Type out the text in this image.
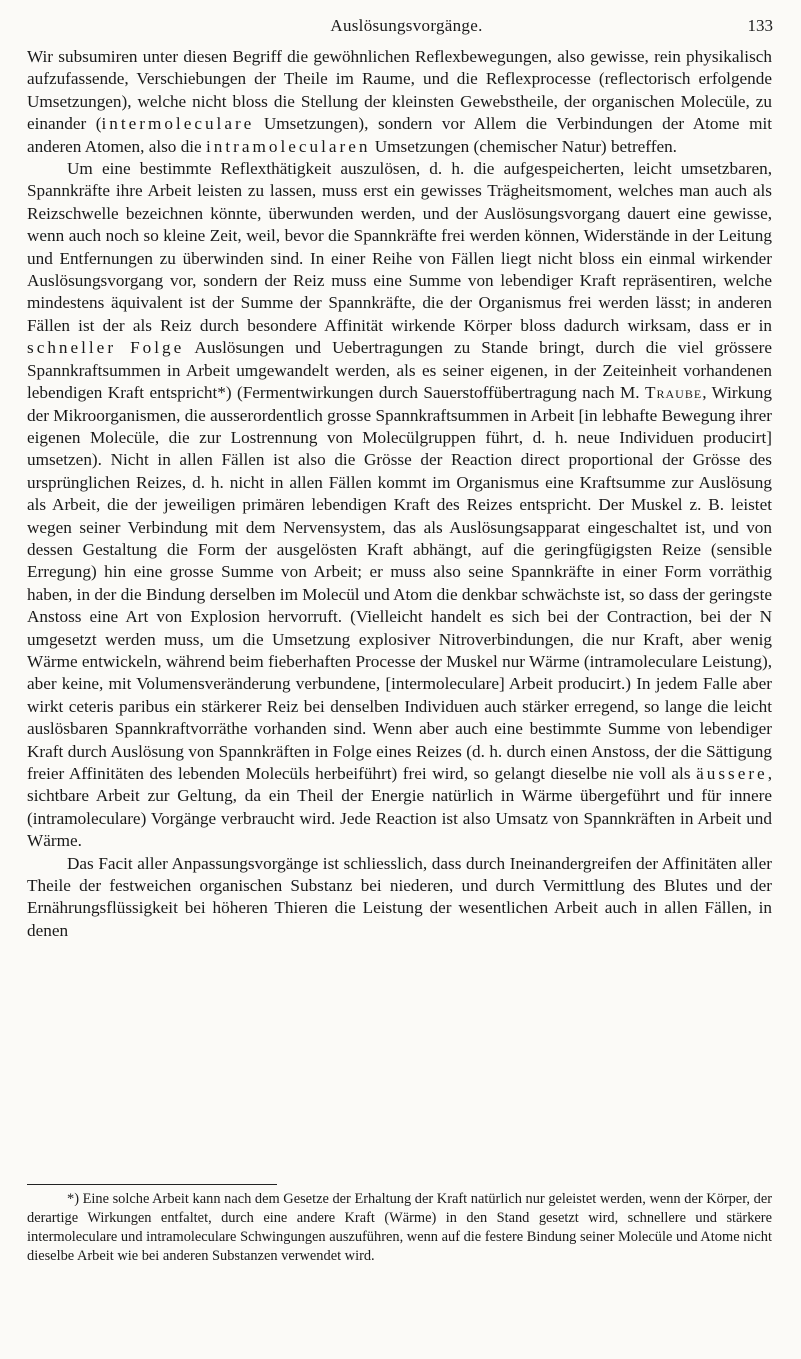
Auslösungsvorgänge.	133

Wir subsumiren unter diesen Begriff die gewöhnlichen Reflexbewegungen, also gewisse, rein physikalisch aufzufassende, Verschiebungen der Theile im Raume, und die Reflexprocesse (reflectorisch erfolgende Umsetzungen), welche nicht bloss die Stellung der kleinsten Gewebstheile, der organischen Molecüle, zu einander (intermoleculare Umsetzungen), sondern vor Allem die Verbindungen der Atome mit anderen Atomen, also die intramolecularen Umsetzungen (chemischer Natur) betreffen.

Um eine bestimmte Reflexthätigkeit auszulösen, d. h. die aufgespeicherten, leicht umsetzbaren, Spannkräfte ihre Arbeit leisten zu lassen, muss erst ein gewisses Trägheitsmoment, welches man auch als Reizschwelle bezeichnen könnte, überwunden werden, und der Auslösungsvorgang dauert eine gewisse, wenn auch noch so kleine Zeit, weil, bevor die Spannkräfte frei werden können, Widerstände in der Leitung und Entfernungen zu überwinden sind. In einer Reihe von Fällen liegt nicht bloss ein einmal wirkender Auslösungsvorgang vor, sondern der Reiz muss eine Summe von lebendiger Kraft repräsentiren, welche mindestens äquivalent ist der Summe der Spannkräfte, die der Organismus frei werden lässt; in anderen Fällen ist der als Reiz durch besondere Affinität wirkende Körper bloss dadurch wirksam, dass er in schneller Folge Auslösungen und Uebertragungen zu Stande bringt, durch die viel grössere Spannkraftsummen in Arbeit umgewandelt werden, als es seiner eigenen, in der Zeiteinheit vorhandenen lebendigen Kraft entspricht*) (Fermentwirkungen durch Sauerstoffübertragung nach M. Traube, Wirkung der Mikroorganismen, die ausserordentlich grosse Spannkraftsummen in Arbeit [in lebhafte Bewegung ihrer eigenen Molecüle, die zur Lostrennung von Molecülgruppen führt, d. h. neue Individuen producirt] umsetzen). Nicht in allen Fällen ist also die Grösse der Reaction direct proportional der Grösse des ursprünglichen Reizes, d. h. nicht in allen Fällen kommt im Organismus eine Kraftsumme zur Auslösung als Arbeit, die der jeweiligen primären lebendigen Kraft des Reizes entspricht. Der Muskel z. B. leistet wegen seiner Verbindung mit dem Nervensystem, das als Auslösungsapparat eingeschaltet ist, und von dessen Gestaltung die Form der ausgelösten Kraft abhängt, auf die geringfügigsten Reize (sensible Erregung) hin eine grosse Summe von Arbeit; er muss also seine Spannkräfte in einer Form vorräthig haben, in der die Bindung derselben im Molecül und Atom die denkbar schwächste ist, so dass der geringste Anstoss eine Art von Explosion hervorruft. (Vielleicht handelt es sich bei der Contraction, bei der N umgesetzt werden muss, um die Umsetzung explosiver Nitroverbindungen, die nur Kraft, aber wenig Wärme entwickeln, während beim fieberhaften Processe der Muskel nur Wärme (intramoleculare Leistung), aber keine, mit Volumensveränderung verbundene, [intermoleculare] Arbeit producirt.) In jedem Falle aber wirkt ceteris paribus ein stärkerer Reiz bei denselben Individuen auch stärker erregend, so lange die leicht auslösbaren Spannkraftvorräthe vorhanden sind. Wenn aber auch eine bestimmte Summe von lebendiger Kraft durch Auslösung von Spannkräften in Folge eines Reizes (d. h. durch einen Anstoss, der die Sättigung freier Affinitäten des lebenden Molecüls herbeiführt) frei wird, so gelangt dieselbe nie voll als äussere, sichtbare Arbeit zur Geltung, da ein Theil der Energie natürlich in Wärme übergeführt und für innere (intramoleculare) Vorgänge verbraucht wird. Jede Reaction ist also Umsatz von Spannkräften in Arbeit und Wärme.

Das Facit aller Anpassungsvorgänge ist schliesslich, dass durch Ineinandergreifen der Affinitäten aller Theile der festweichen organischen Substanz bei niederen, und durch Vermittlung des Blutes und der Ernährungsflüssigkeit bei höheren Thieren die Leistung der wesentlichen Arbeit auch in allen Fällen, in denen

*) Eine solche Arbeit kann nach dem Gesetze der Erhaltung der Kraft natürlich nur geleistet werden, wenn der Körper, der derartige Wirkungen entfaltet, durch eine andere Kraft (Wärme) in den Stand gesetzt wird, schnellere und stärkere intermoleculare und intramoleculare Schwingungen auszuführen, wenn auf die festere Bindung seiner Molecüle und Atome nicht dieselbe Arbeit wie bei anderen Substanzen verwendet wird.
